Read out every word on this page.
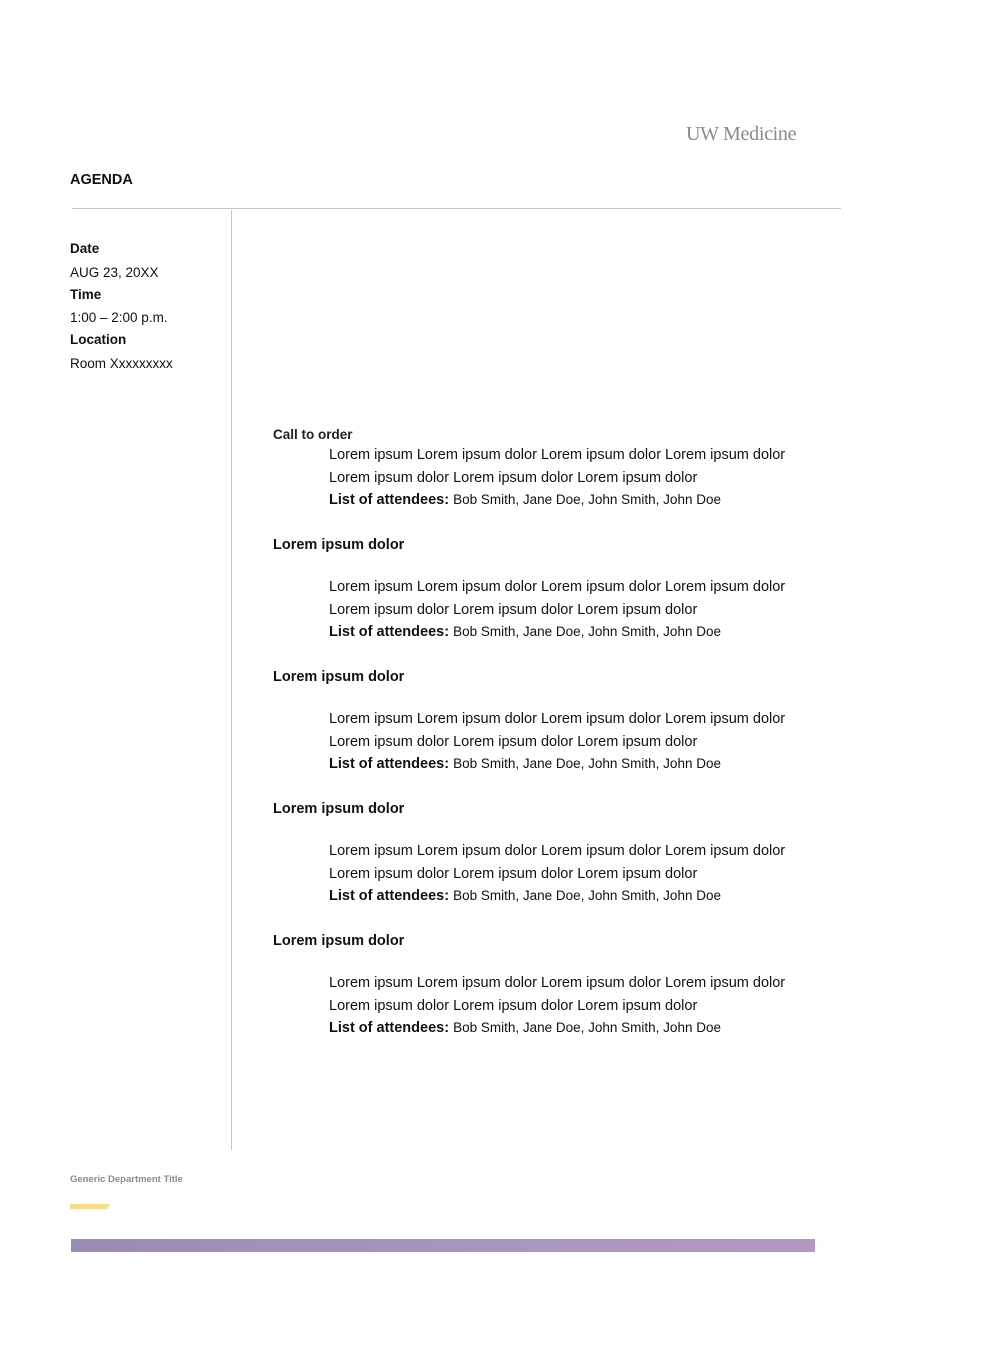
UW Medicine
AGENDA
Date
AUG 23, 20XX
Time
1:00 – 2:00 p.m.
Location
Room Xxxxxxxxx
Call to order
Lorem ipsum Lorem ipsum dolor Lorem ipsum dolor Lorem ipsum dolor
Lorem ipsum dolor Lorem ipsum dolor Lorem ipsum dolor
List of attendees: Bob Smith, Jane Doe, John Smith, John Doe
Lorem ipsum dolor
Lorem ipsum Lorem ipsum dolor Lorem ipsum dolor Lorem ipsum dolor
Lorem ipsum dolor Lorem ipsum dolor Lorem ipsum dolor
List of attendees: Bob Smith, Jane Doe, John Smith, John Doe
Lorem ipsum dolor
Lorem ipsum Lorem ipsum dolor Lorem ipsum dolor Lorem ipsum dolor
Lorem ipsum dolor Lorem ipsum dolor Lorem ipsum dolor
List of attendees: Bob Smith, Jane Doe, John Smith, John Doe
Lorem ipsum dolor
Lorem ipsum Lorem ipsum dolor Lorem ipsum dolor Lorem ipsum dolor
Lorem ipsum dolor Lorem ipsum dolor Lorem ipsum dolor
List of attendees: Bob Smith, Jane Doe, John Smith, John Doe
Lorem ipsum dolor
Lorem ipsum Lorem ipsum dolor Lorem ipsum dolor Lorem ipsum dolor
Lorem ipsum dolor Lorem ipsum dolor Lorem ipsum dolor
List of attendees: Bob Smith, Jane Doe, John Smith, John Doe
Generic Department Title
